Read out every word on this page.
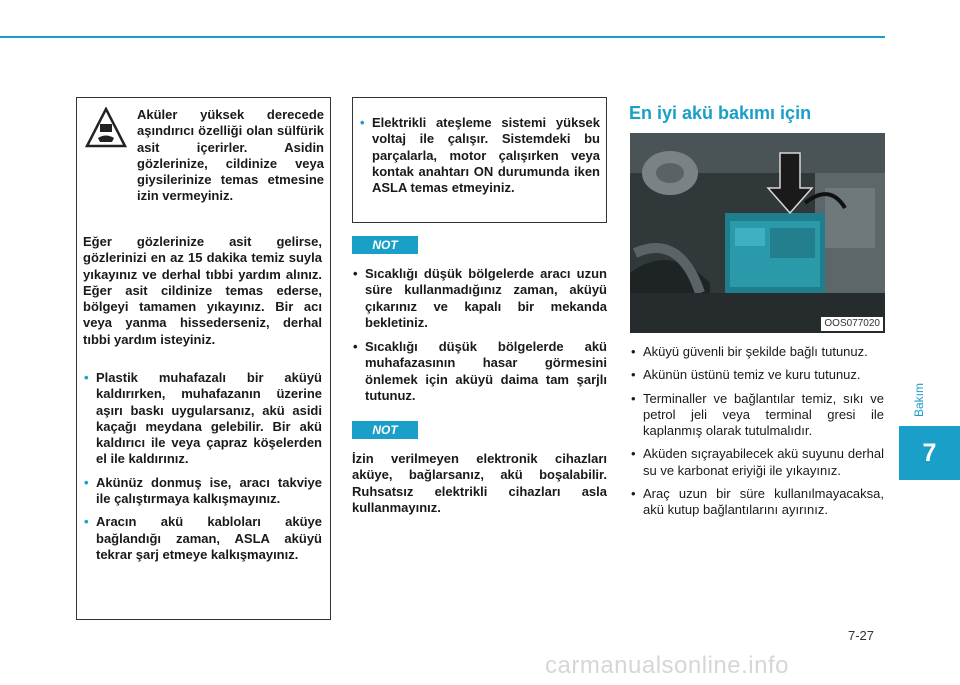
Aküler yüksek derecede aşındırıcı özelliği olan sülfürik asit içerirler. Asidin gözlerinize, cildinize veya giysilerinize temas etmesine izin vermeyiniz.

Eğer gözlerinize asit gelirse, gözlerinizi en az 15 dakika temiz suyla yıkayınız ve derhal tıbbi yardım alınız. Eğer asit cildinize temas ederse, bölgeyi tamamen yıkayınız. Bir acı veya yanma hissederseniz, derhal tıbbi yardım isteyiniz.

• Plastik muhafazalı bir aküyü kaldırırken, muhafazanın üzerine aşırı baskı uygularsanız, akü asidi kaçağı meydana gelebilir. Bir akü kaldırıcı ile veya çapraz köşelerden el ile kaldırınız.
• Akünüz donmuş ise, aracı takviye ile çalıştırmaya kalkışmayınız.
• Aracın akü kabloları aküye bağlandığı zaman, ASLA aküyü tekrar şarj etmeye kalkışmayınız.
• Elektrikli ateşleme sistemi yüksek voltaj ile çalışır. Sistemdeki bu parçalarla, motor çalışırken veya kontak anahtarı ON durumunda iken ASLA temas etmeyiniz.
NOT
• Sıcaklığı düşük bölgelerde aracı uzun süre kullanmadığınız zaman, aküyü çıkarınız ve kapalı bir mekanda bekletiniz.
• Sıcaklığı düşük bölgelerde akü muhafazasının hasar görmesini önlemek için aküyü daima tam şarjlı tutunuz.
NOT

İzin verilmeyen elektronik cihazları aküye, bağlarsanız, akü boşalabilir. Ruhsatsız elektrikli cihazları asla kullanmayınız.

En iyi akü bakımı için
OOS077020
• Aküyü güvenli bir şekilde bağlı tutunuz.
• Akünün üstünü temiz ve kuru tutunuz.
• Terminaller ve bağlantılar temiz, sıkı ve petrol jeli veya terminal gresi ile kaplanmış olarak tutulmalıdır.
• Aküden sıçrayabilecek akü suyunu derhal su ve karbonat eriyiği ile yıkayınız.
• Araç uzun bir süre kullanılmayacaksa, akü kutup bağlantılarını ayırınız.
Bakım
7
7-27
carmanualsonline.info
